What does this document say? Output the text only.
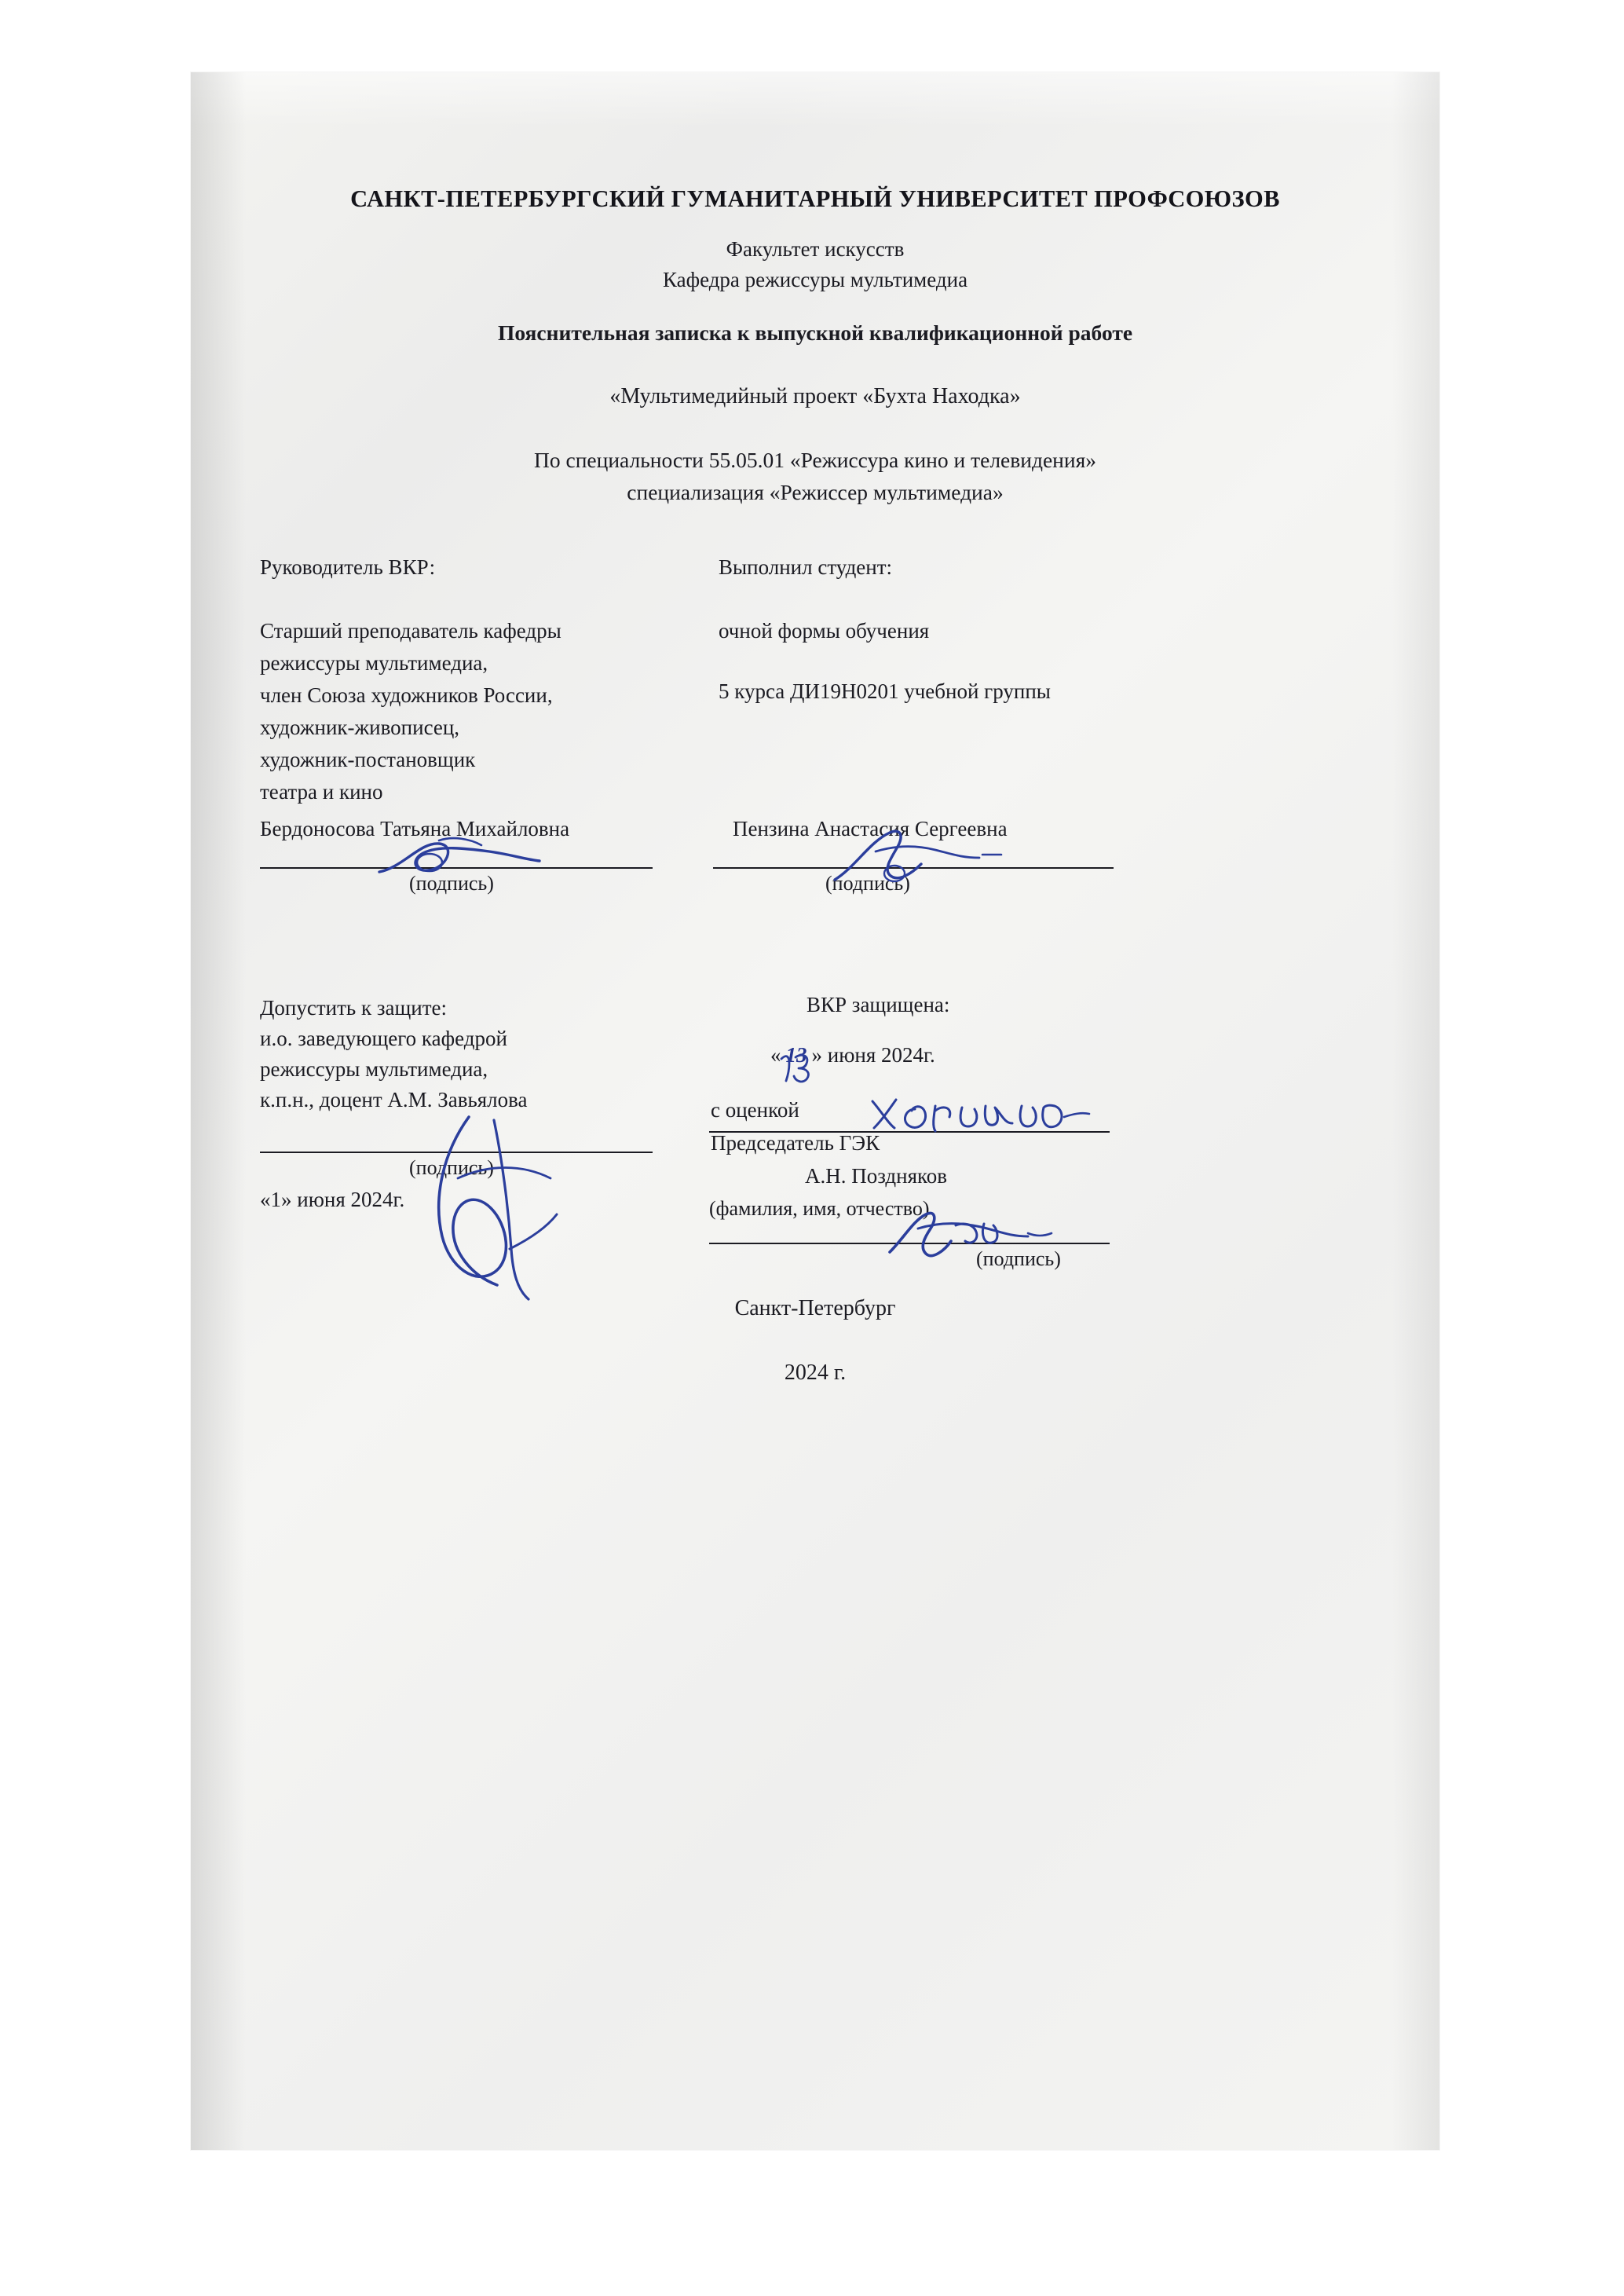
САНКТ-ПЕТЕРБУРГСКИЙ ГУМАНИТАРНЫЙ УНИВЕРСИТЕТ ПРОФСОЮЗОВ
Факультет искусств
Кафедра режиссуры мультимедиа
Пояснительная записка к выпускной квалификационной работе
«Мультимедийный проект «Бухта Находка»
По специальности 55.05.01 «Режиссура кино и телевидения»
специализация «Режиссер мультимедиа»
Руководитель ВКР:
Старший преподаватель кафедры
режиссуры мультимедиа,
член Союза художников России,
художник-живописец,
художник-постановщик
театра и кино
Выполнил студент:
очной формы обучения
5 курса ДИ19Н0201 учебной группы
Бердоносова Татьяна Михайловна	Пензина Анастасия Сергеевна
(подпись)	(подпись)
Допустить к защите:
и.о. заведующего кафедрой
режиссуры мультимедиа,
к.п.н., доцент А.М. Завьялова
(подпись)
«1» июня 2024г.
ВКР защищена:
« 13 » июня 2024г.
с оценкой
Председатель ГЭК
А.Н. Поздняков
(фамилия, имя, отчество)
(подпись)
Санкт-Петербург
2024 г.
